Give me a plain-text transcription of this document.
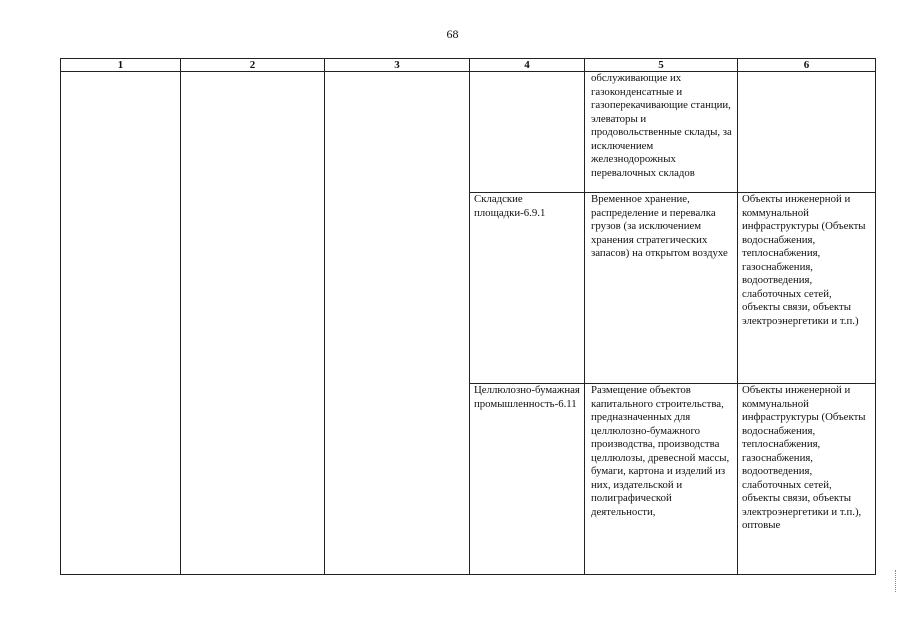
68
1	2	3	4	5	6
				обслуживающие их газоконденсатные и газоперекачивающие станции, элеваторы и продовольственные склады, за исключением железнодорожных перевалочных складов	
			Складские площадки-6.9.1	Временное хранение, распределение и перевалка грузов (за исключением хранения стратегических запасов) на открытом воздухе	Объекты инженерной и коммунальной инфраструктуры (Объекты водоснабжения, теплоснабжения, газоснабжения, водоотведения, слаботочных сетей, объекты связи, объекты электроэнергетики и т.п.)
			Целлюлозно-бумажная промышленность-6.11	Размещение объектов капитального строительства, предназначенных для целлюлозно-бумажного производства, производства целлюлозы, древесной массы, бумаги, картона и изделий из них, издательской и полиграфической деятельности,	Объекты инженерной и коммунальной инфраструктуры (Объекты водоснабжения, теплоснабжения, газоснабжения, водоотведения, слаботочных сетей, объекты связи, объекты электроэнергетики и т.п.), оптовые
